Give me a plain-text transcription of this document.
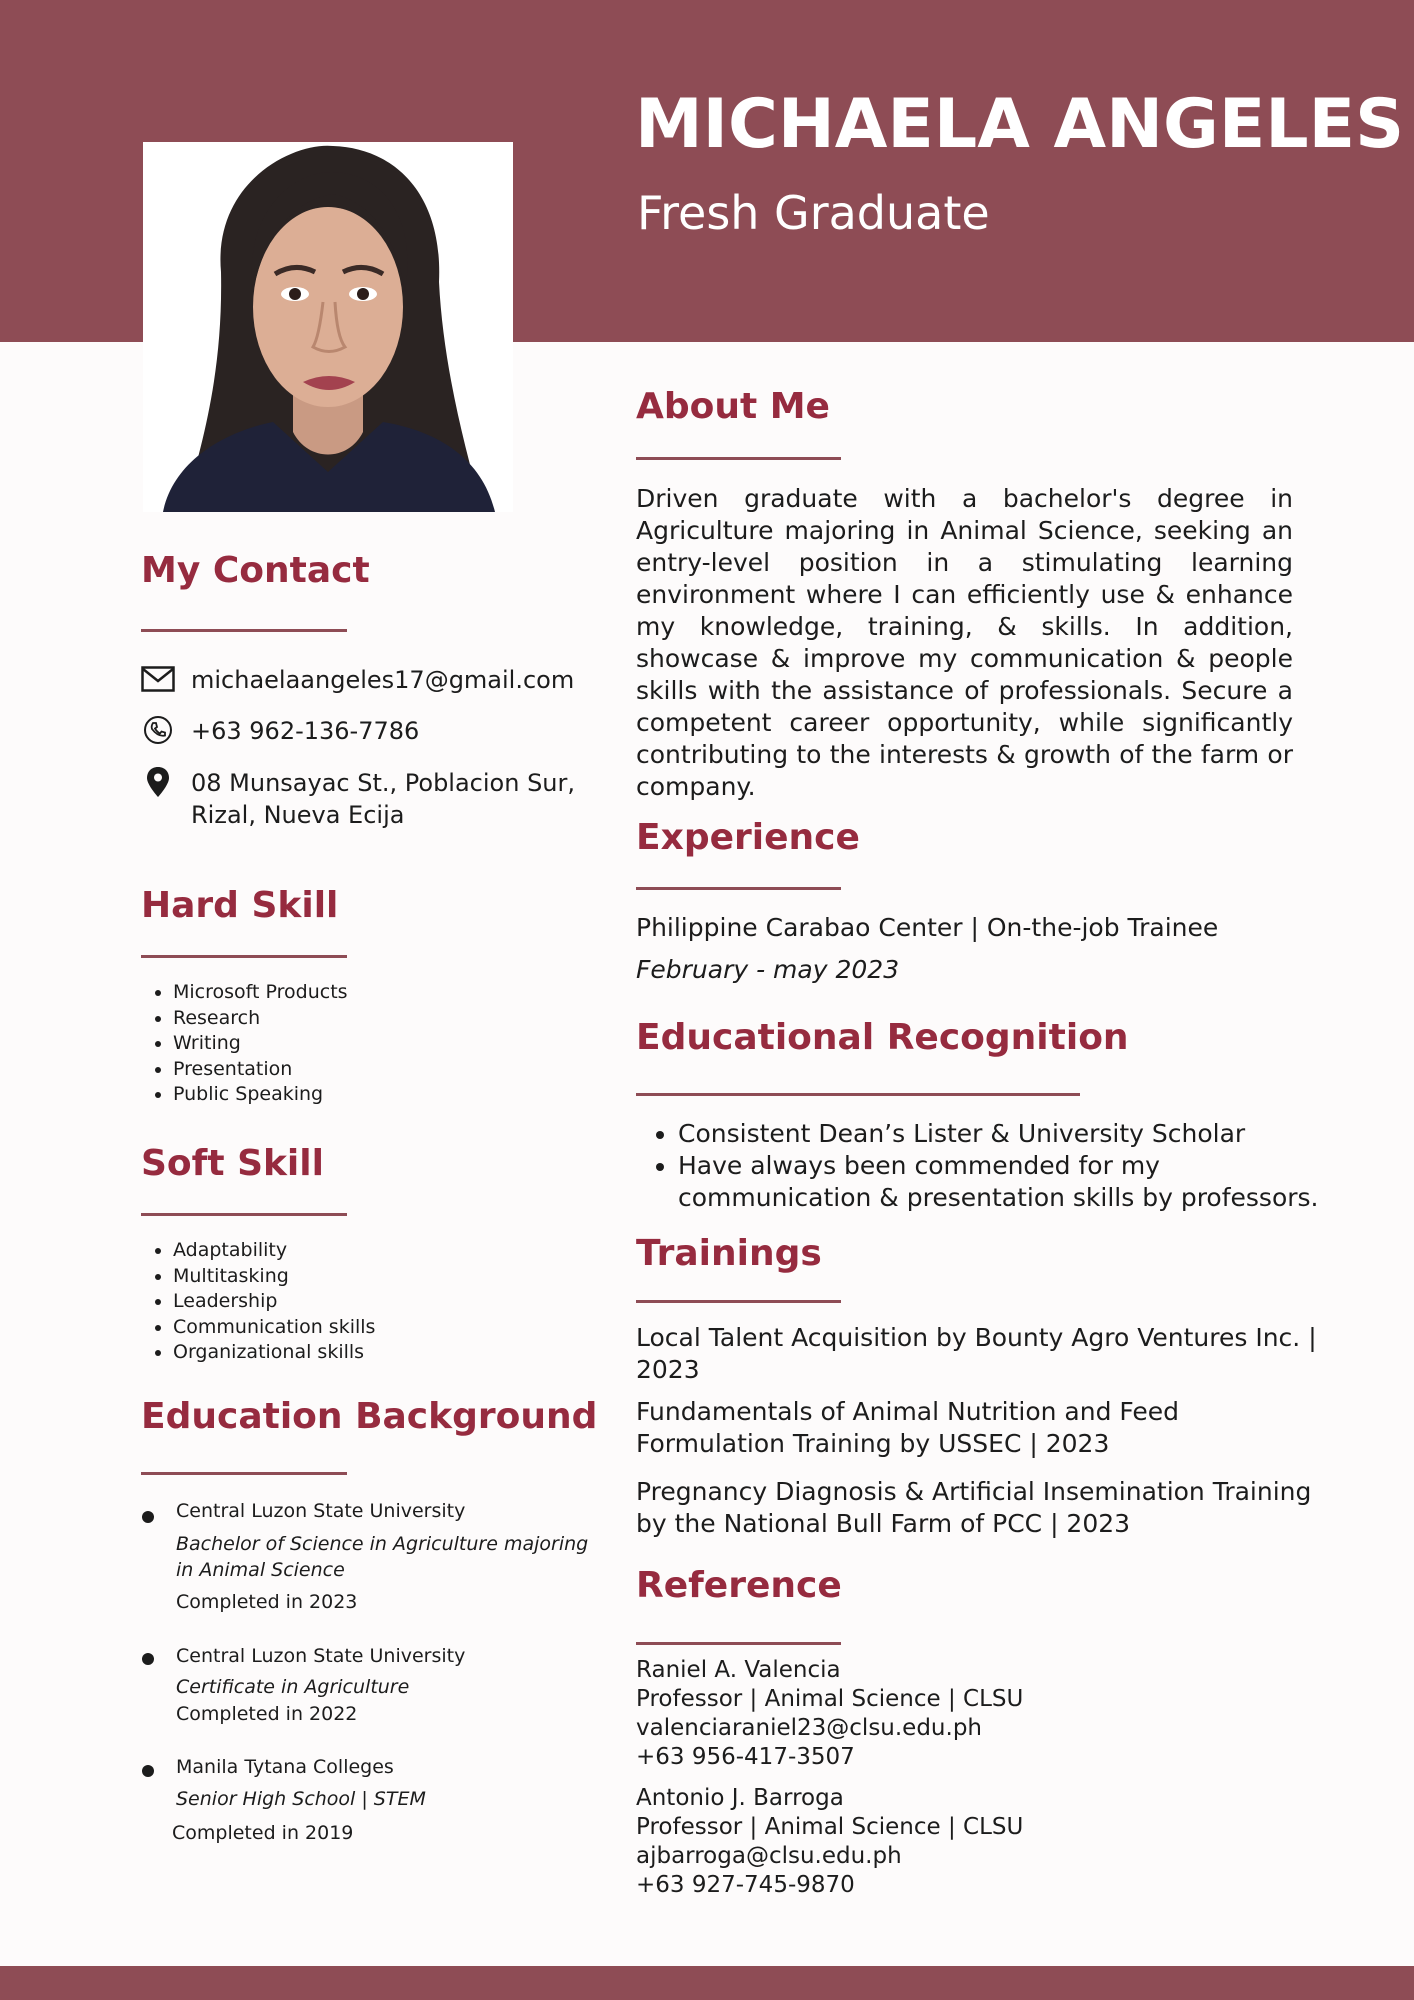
MICHAELA ANGELES
Fresh Graduate
My Contact
michaelaangeles17@gmail.com
+63 962-136-7786
08 Munsayac St., Poblacion Sur,
Rizal, Nueva Ecija
Hard Skill
• Microsoft Products
• Research
• Writing
• Presentation
• Public Speaking
Soft Skill
• Adaptability
• Multitasking
• Leadership
• Communication skills
• Organizational skills
Education Background
Central Luzon State University
Bachelor of Science in Agriculture majoring
in Animal Science
Completed in 2023
Central Luzon State University
Certificate in Agriculture
Completed in 2022
Manila Tytana Colleges
Senior High School | STEM
Completed in 2019
About Me

Driven graduate with a bachelor's degree in Agriculture majoring in Animal Science, seeking an entry-level position in a stimulating learning environment where I can efficiently use & enhance my knowledge, training, & skills. In addition, showcase & improve my communication & people skills with the assistance of professionals. Secure a competent career opportunity, while significantly contributing to the interests & growth of the farm or company.

Experience

Philippine Carabao Center | On-the-job Trainee

February - may 2023

Educational Recognition
• Consistent Dean’s Lister & University Scholar
• Have always been commended for my communication & presentation skills by professors.
Trainings

Local Talent Acquisition by Bounty Agro Ventures Inc. |

2023

Fundamentals of Animal Nutrition and Feed

Formulation Training by USSEC | 2023

Pregnancy Diagnosis & Artificial Insemination Training

by the National Bull Farm of PCC | 2023

Reference

Raniel A. Valencia

Professor | Animal Science | CLSU

valenciaraniel23@clsu.edu.ph

+63 956-417-3507

Antonio J. Barroga

Professor | Animal Science | CLSU

ajbarroga@clsu.edu.ph

+63 927-745-9870
